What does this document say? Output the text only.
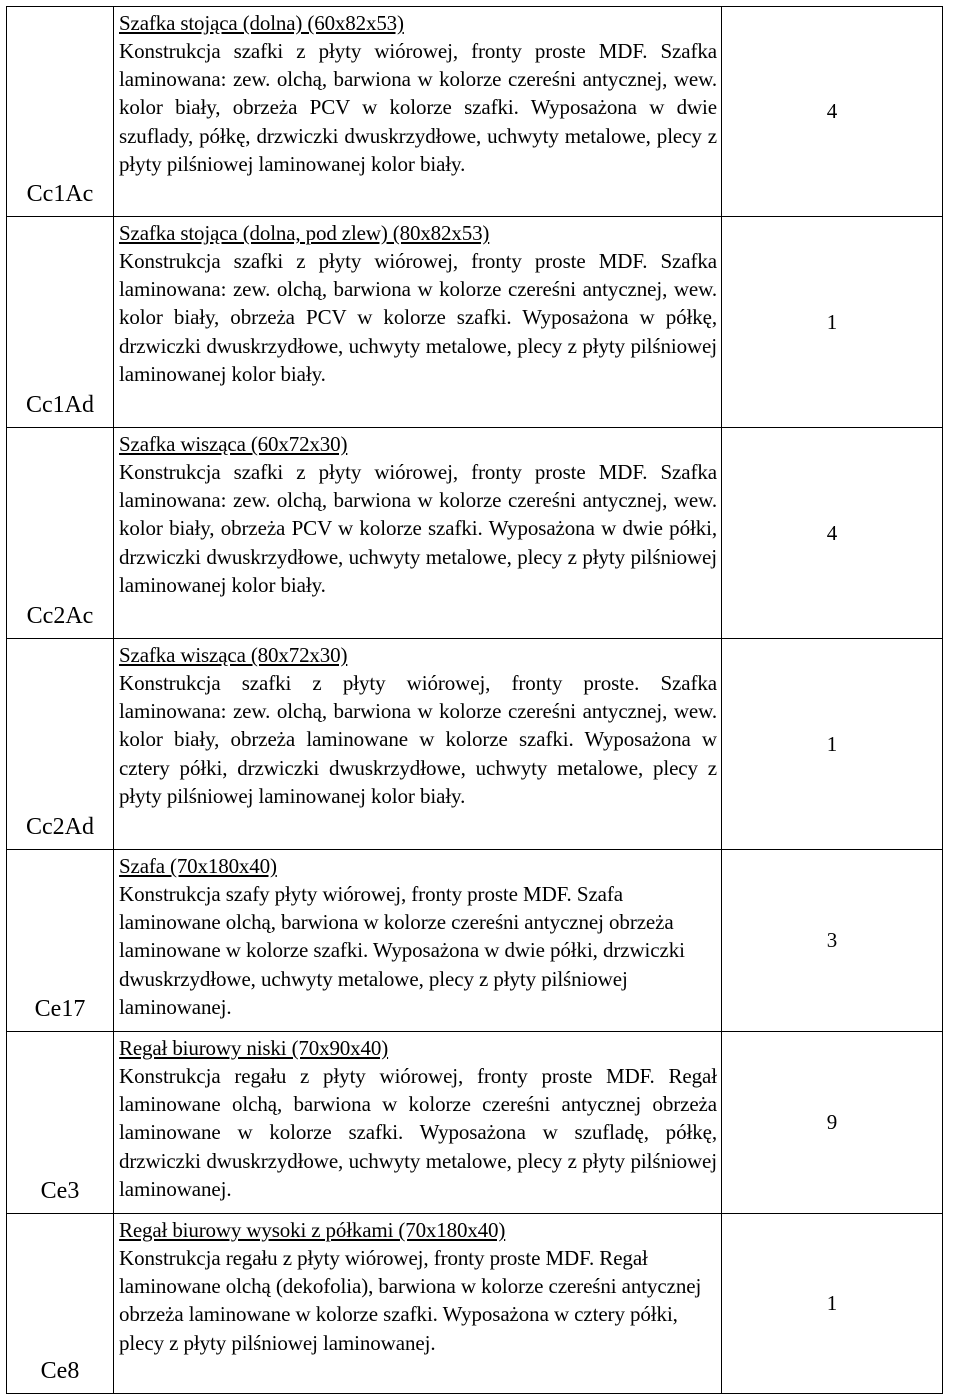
Cc1Ac	Szafka stojąca (dolna) (60x82x53)
Konstrukcja szafki z płyty wiórowej, fronty proste MDF. Szafka laminowana: zew. olchą, barwiona w kolorze czereśni antycznej, wew. kolor biały, obrzeża PCV w kolorze szafki. Wyposażona w dwie szuflady, półkę, drzwiczki dwuskrzydłowe, uchwyty metalowe, plecy z płyty pilśniowej laminowanej kolor biały.	4

Cc1Ad	Szafka stojąca (dolna, pod zlew) (80x82x53)
Konstrukcja szafki z płyty wiórowej, fronty proste MDF. Szafka laminowana: zew. olchą, barwiona w kolorze czereśni antycznej, wew. kolor biały, obrzeża PCV w kolorze szafki. Wyposażona w półkę, drzwiczki dwuskrzydłowe, uchwyty metalowe, plecy z płyty pilśniowej laminowanej kolor biały.	1

Cc2Ac	Szafka wisząca (60x72x30)
Konstrukcja szafki z płyty wiórowej, fronty proste MDF. Szafka laminowana: zew. olchą, barwiona w kolorze czereśni antycznej, wew. kolor biały, obrzeża PCV w kolorze szafki. Wyposażona w dwie półki, drzwiczki dwuskrzydłowe, uchwyty metalowe, plecy z płyty pilśniowej laminowanej kolor biały.	4

Cc2Ad	Szafka wisząca (80x72x30)
Konstrukcja szafki z płyty wiórowej, fronty proste. Szafka laminowana: zew. olchą, barwiona w kolorze czereśni antycznej, wew. kolor biały, obrzeża laminowane w kolorze szafki. Wyposażona w cztery półki, drzwiczki dwuskrzydłowe, uchwyty metalowe, plecy z płyty pilśniowej laminowanej kolor biały.	1

Ce17	Szafa (70x180x40)
Konstrukcja szafy płyty wiórowej, fronty proste MDF. Szafa laminowane olchą, barwiona w kolorze czereśni antycznej obrzeża laminowane w kolorze szafki. Wyposażona w dwie półki, drzwiczki dwuskrzydłowe, uchwyty metalowe, plecy z płyty pilśniowej laminowanej.	3

Ce3	Regał biurowy niski (70x90x40)
Konstrukcja regału z płyty wiórowej, fronty proste MDF. Regał laminowane olchą, barwiona w kolorze czereśni antycznej obrzeża laminowane w kolorze szafki. Wyposażona w szufladę, półkę, drzwiczki dwuskrzydłowe, uchwyty metalowe, plecy z płyty pilśniowej laminowanej.	9

Ce8	Regał biurowy wysoki z półkami (70x180x40)
Konstrukcja regału z płyty wiórowej, fronty proste MDF. Regał laminowane olchą (dekofolia), barwiona w kolorze czereśni antycznej obrzeża laminowane w kolorze szafki. Wyposażona w cztery półki, plecy z płyty pilśniowej laminowanej.	1
